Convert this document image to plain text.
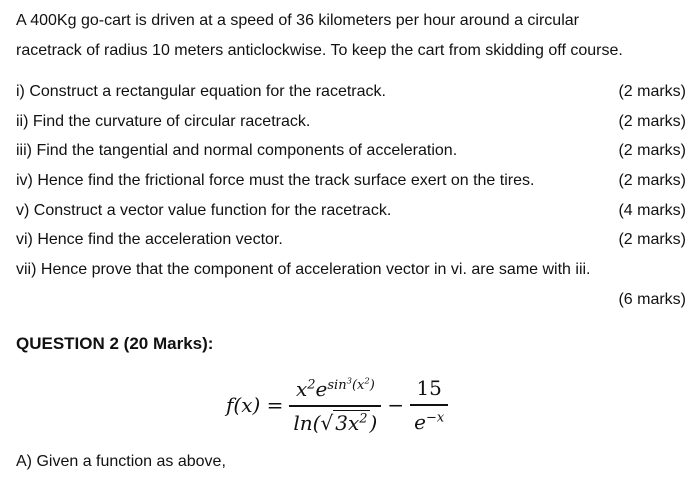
A 400Kg go-cart is driven at a speed of 36 kilometers per hour around a circular
racetrack of radius 10 meters anticlockwise. To keep the cart from skidding off course.
i) Construct a rectangular equation for the racetrack.	(2 marks)
ii) Find the curvature of circular racetrack.	(2 marks)
iii) Find the tangential and normal components of acceleration.	(2 marks)
iv) Hence find the frictional force must the track surface exert on the tires.	(2 marks)
v) Construct a vector value function for the racetrack.	(4 marks)
vi) Hence find the acceleration vector.	(2 marks)
vii) Hence prove that the component of acceleration vector in vi. are same with iii.
(6 marks)
QUESTION 2 (20 Marks):
$f(x) = \frac{x^2e^{sin^3(x^2)}}{\ln(√ 3x^2 )} - \frac{15}{e^{-x}}$
A) Given a function as above,
